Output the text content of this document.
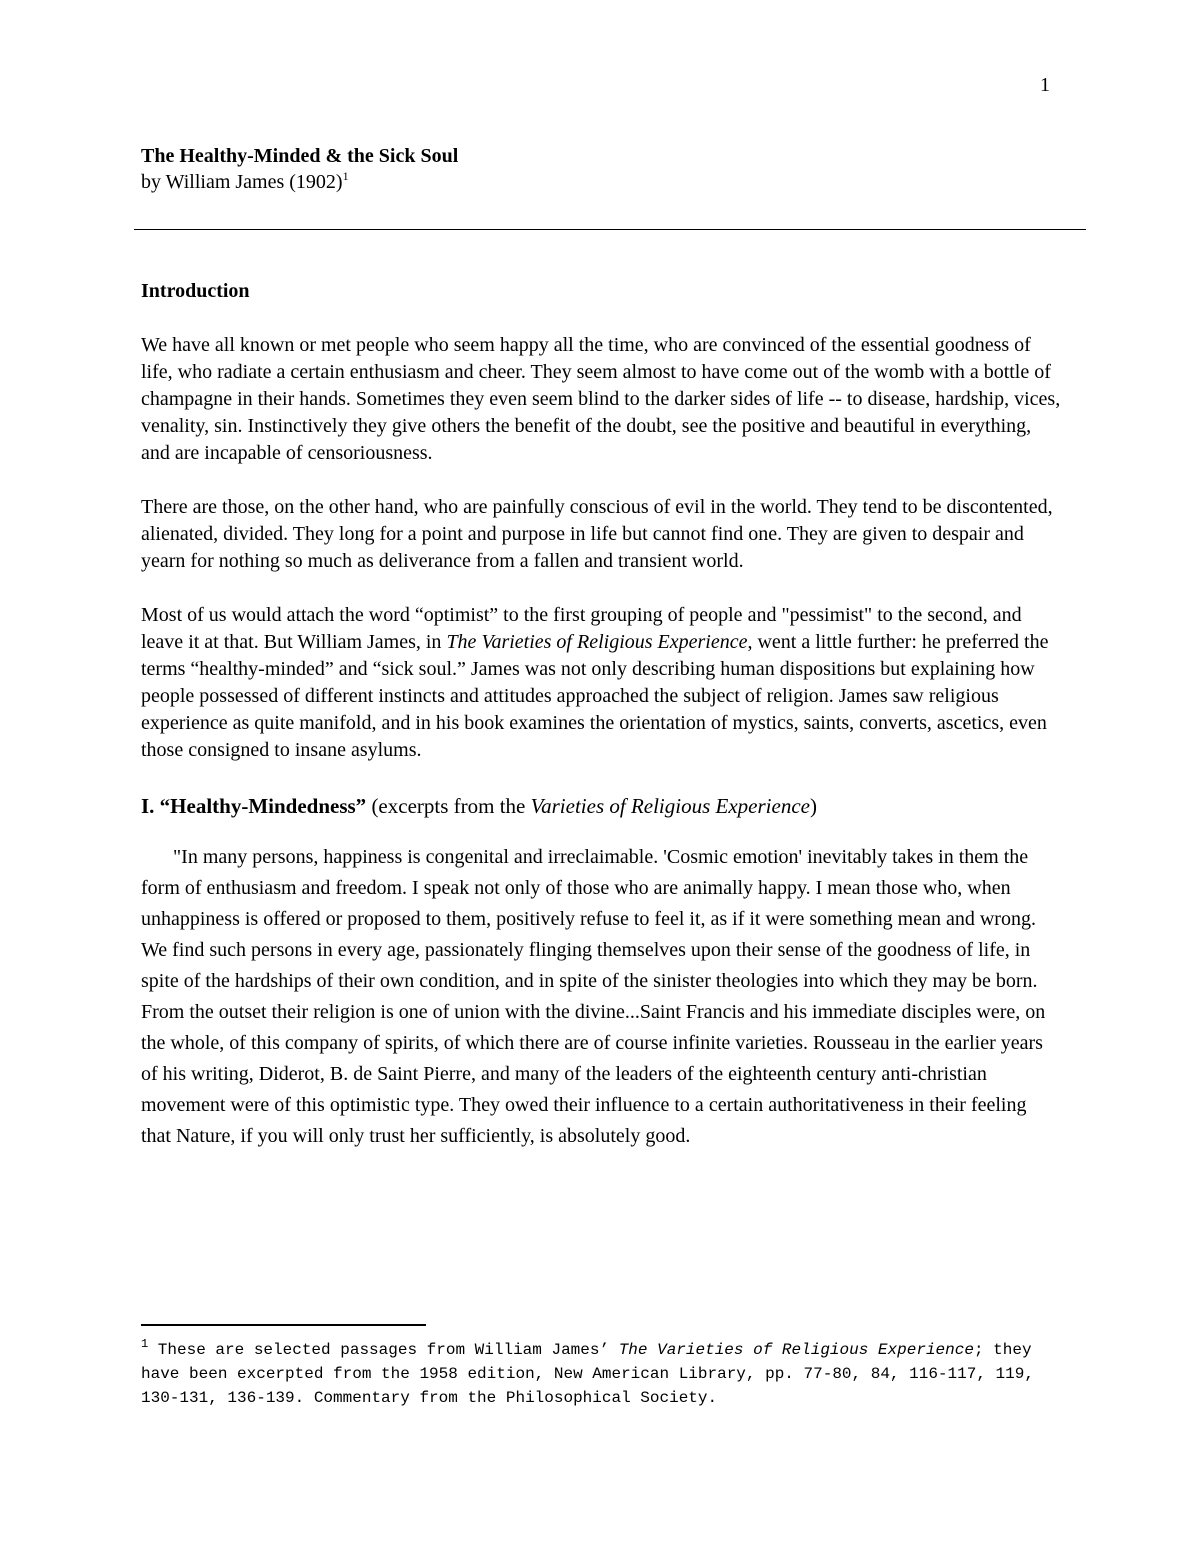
1
The Healthy-Minded & the Sick Soul
by William James $(1902)^1$
Introduction

We have all known or met people who seem happy all the time, who are convinced of the essential goodness of life, who radiate a certain enthusiasm and cheer. They seem almost to have come out of the womb with a bottle of champagne in their hands. Sometimes they even seem blind to the darker sides of life -- to disease, hardship, vices, venality, sin. Instinctively they give others the benefit of the doubt, see the positive and beautiful in everything, and are incapable of censoriousness.

There are those, on the other hand, who are painfully conscious of evil in the world. They tend to be discontented, alienated, divided. They long for a point and purpose in life but cannot find one. They are given to despair and yearn for nothing so much as deliverance from a fallen and transient world.

Most of us would attach the word “optimist” to the first grouping of people and "pessimist" to the second, and leave it at that. But William James, in The Varieties of Religious Experience, went a little further: he preferred the terms “healthy-minded” and “sick soul.” James was not only describing human dispositions but explaining how people possessed of different instincts and attitudes approached the subject of religion. James saw religious experience as quite manifold, and in his book examines the orientation of mystics, saints, converts, ascetics, even those consigned to insane asylums.

I. “Healthy-Mindedness” (excerpts from the Varieties of Religious Experience)

"In many persons, happiness is congenital and irreclaimable. 'Cosmic emotion' inevitably takes in them the form of enthusiasm and freedom. I speak not only of those who are animally happy. I mean those who, when unhappiness is offered or proposed to them, positively refuse to feel it, as if it were something mean and wrong. We find such persons in every age, passionately flinging themselves upon their sense of the goodness of life, in spite of the hardships of their own condition, and in spite of the sinister theologies into which they may be born. From the outset their religion is one of union with the divine...Saint Francis and his immediate disciples were, on the whole, of this company of spirits, of which there are of course infinite varieties. Rousseau in the earlier years of his writing, Diderot, B. de Saint Pierre, and many of the leaders of the eighteenth century anti-christian movement were of this optimistic type. They owed their influence to a certain authoritativeness in their feeling that Nature, if you will only trust her sufficiently, is absolutely good.

$^1$ These are selected passages from William James’ The Varieties of Religious Experience; they have been excerpted from the 1958 edition, New American Library, pp. 77-80, 84, 116-117, 119, 130-131, 136-139. Commentary from the Philosophical Society.
